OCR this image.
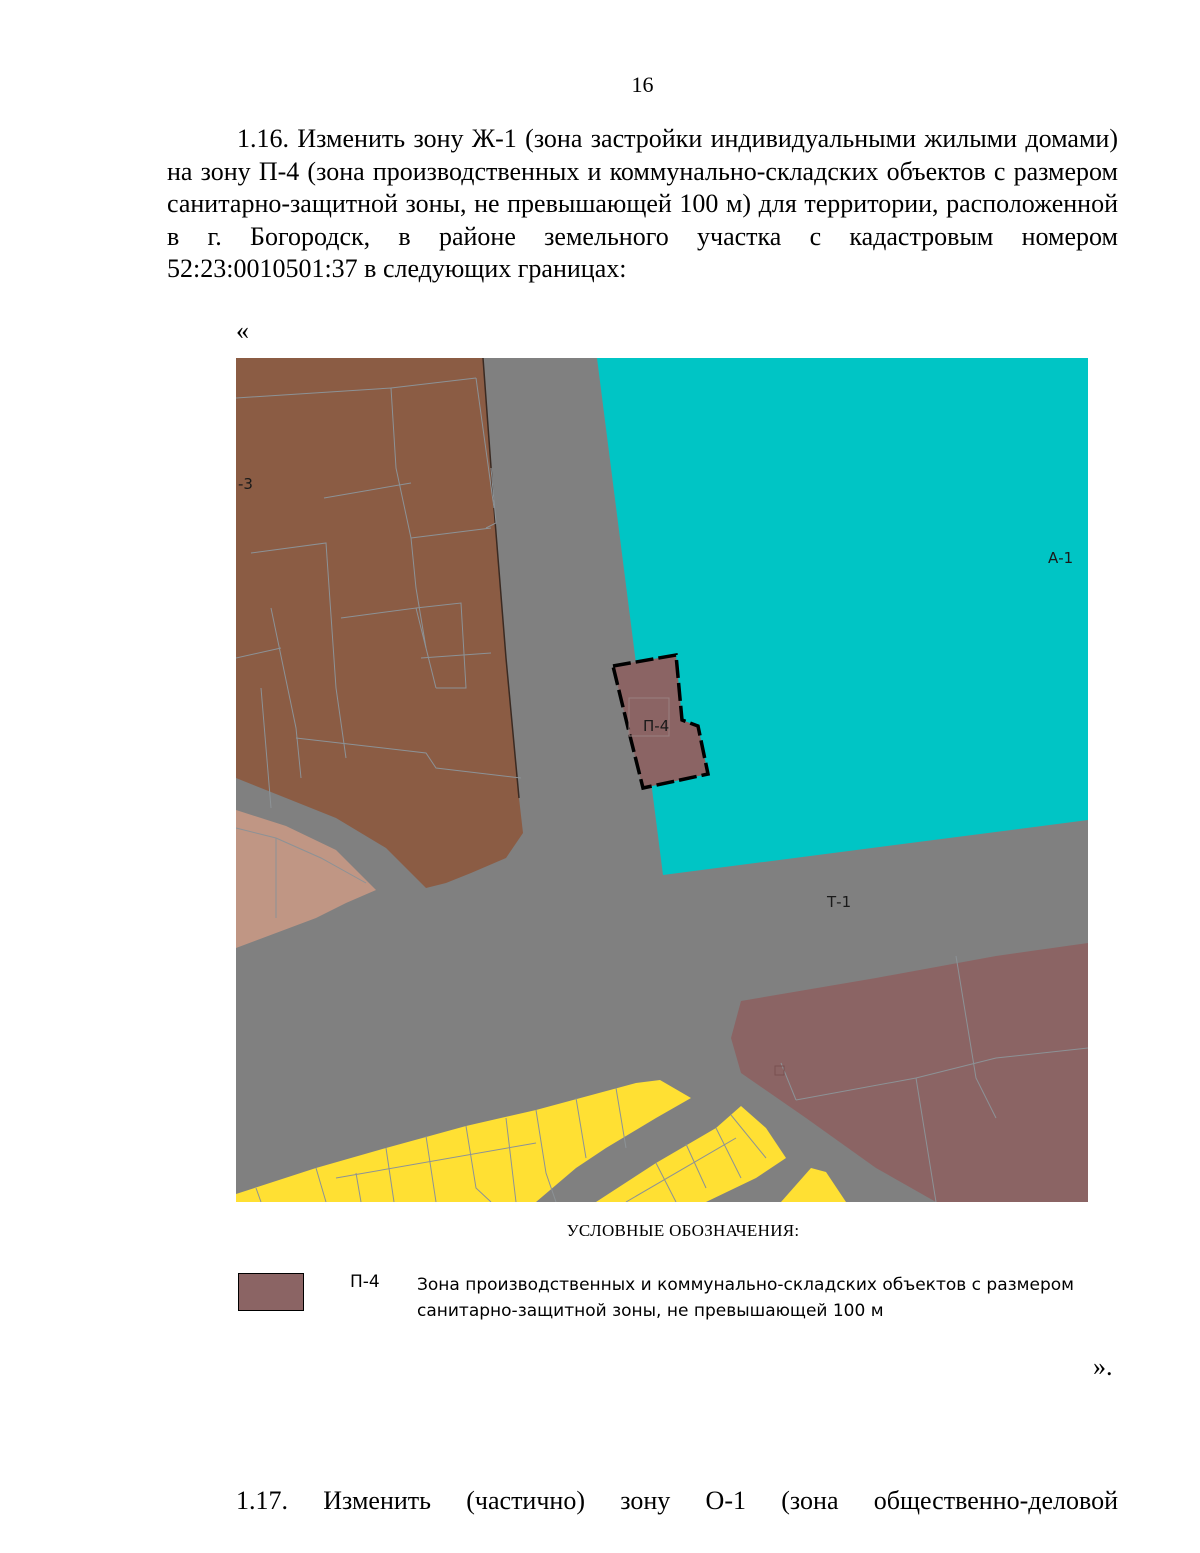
16

1.16. Изменить зону Ж-1 (зона застройки индивидуальными жилыми домами) на зону П-4 (зона производственных и коммунально-складских объектов с размером санитарно-защитной зоны, не превышающей 100 м) для территории, расположенной в г. Богородск, в районе земельного участка с кадастровым номером 52:23:0010501:37 в следующих границах:

«
-3
А-1
П-4
Т-1
УСЛОВНЫЕ ОБОЗНАЧЕНИЯ:
П-4 Зона производственных и коммунально-складских объектов с размером санитарно-защитной зоны, не превышающей 100 м

».

1.17. Изменить (частично) зону О-1 (зона общественно-деловой
